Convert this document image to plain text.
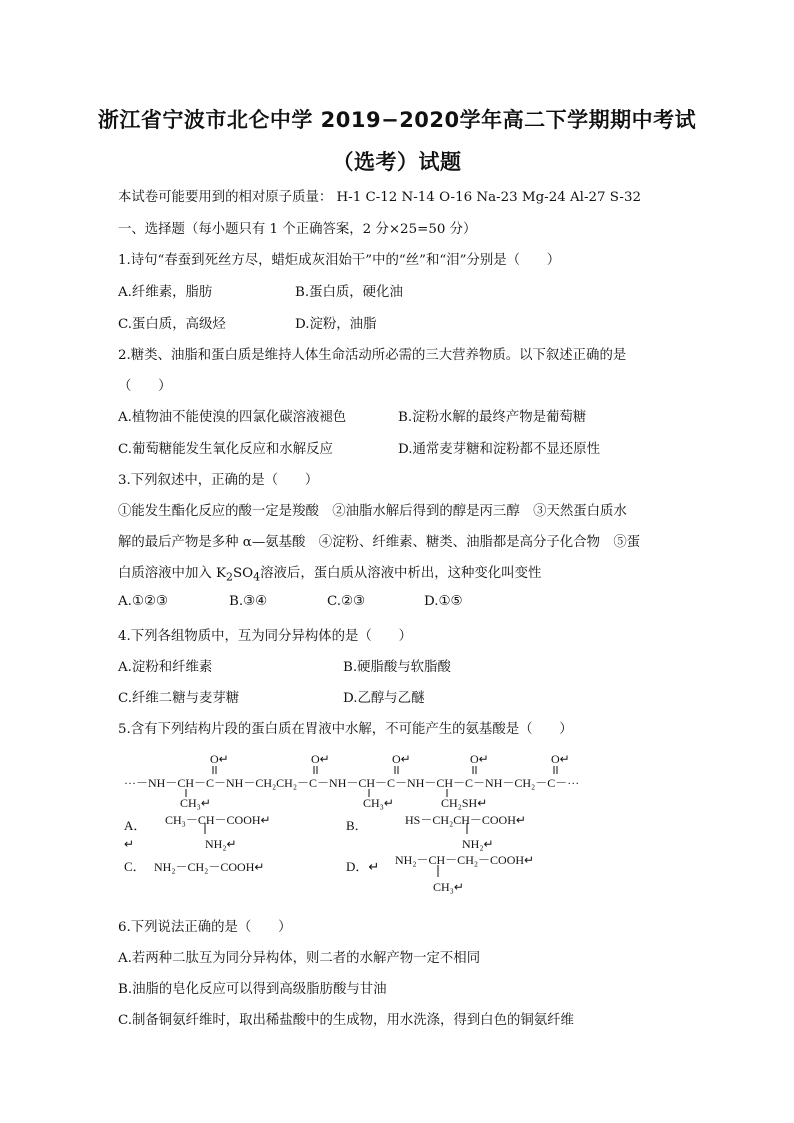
浙江省宁波市北仑中学 2019−2020学年高二下学期期中考试
（选考）试题
本试卷可能要用到的相对原子质量： H-1 C-12 N-14 O-16 Na-23 Mg-24 Al-27 S-32
一、选择题（每小题只有 1 个正确答案，2 分×25=50 分）
1.诗句“春蚕到死丝方尽，蜡炬成灰泪始干”中的“丝”和“泪”分别是（　　）
A.纤维素，脂肪	B.蛋白质，硬化油
C.蛋白质，高级烃	D.淀粉，油脂
2.糖类、油脂和蛋白质是维持人体生命活动所必需的三大营养物质。以下叙述正确的是
（　　）
A.植物油不能使溴的四氯化碳溶液褪色	B.淀粉水解的最终产物是葡萄糖
C.葡萄糖能发生氧化反应和水解反应	D.通常麦芽糖和淀粉都不显还原性
3.下列叙述中，正确的是（　　）
①能发生酯化反应的酸一定是羧酸　②油脂水解后得到的醇是丙三醇　③天然蛋白质水
解的最后产物是多种 α—氨基酸　④淀粉、纤维素、糖类、油脂都是高分子化合物　⑤蛋
白质溶液中加入 $K_2SO_4$溶液后，蛋白质从溶液中析出，这种变化叫变性
A.①②③	B.③④	C.②③	D.①⑤
4.下列各组物质中，互为同分异构体的是（　　）
A.淀粉和纤维素	B.硬脂酸与软脂酸
C.纤维二糖与麦芽糖	D.乙醇与乙醚
5.含有下列结构片段的蛋白质在胃液中水解，不可能产生的氨基酸是（　　）
O↵	O↵	O↵	O↵	O↵
···－NH－CH－C－NH－CH₂CH₂－C－NH－CH－C－NH－CH－C－NH－CH₂－C－···
CH₃↵	CH₃↵	CH₂SH↵
A． CH₃－CH－COOH↵
NH₂↵
B．	HS－CH₂CH－COOH↵
NH₂↵
↵
C． NH₂－CH₂－COOH↵	D．↵ NH₂－CH－CH₂－COOH↵
CH₃↵
6.下列说法正确的是（　　）
A.若两种二肽互为同分异构体，则二者的水解产物一定不相同
B.油脂的皂化反应可以得到高级脂肪酸与甘油
C.制备铜氨纤维时，取出稀盐酸中的生成物，用水洗涤，得到白色的铜氨纤维
